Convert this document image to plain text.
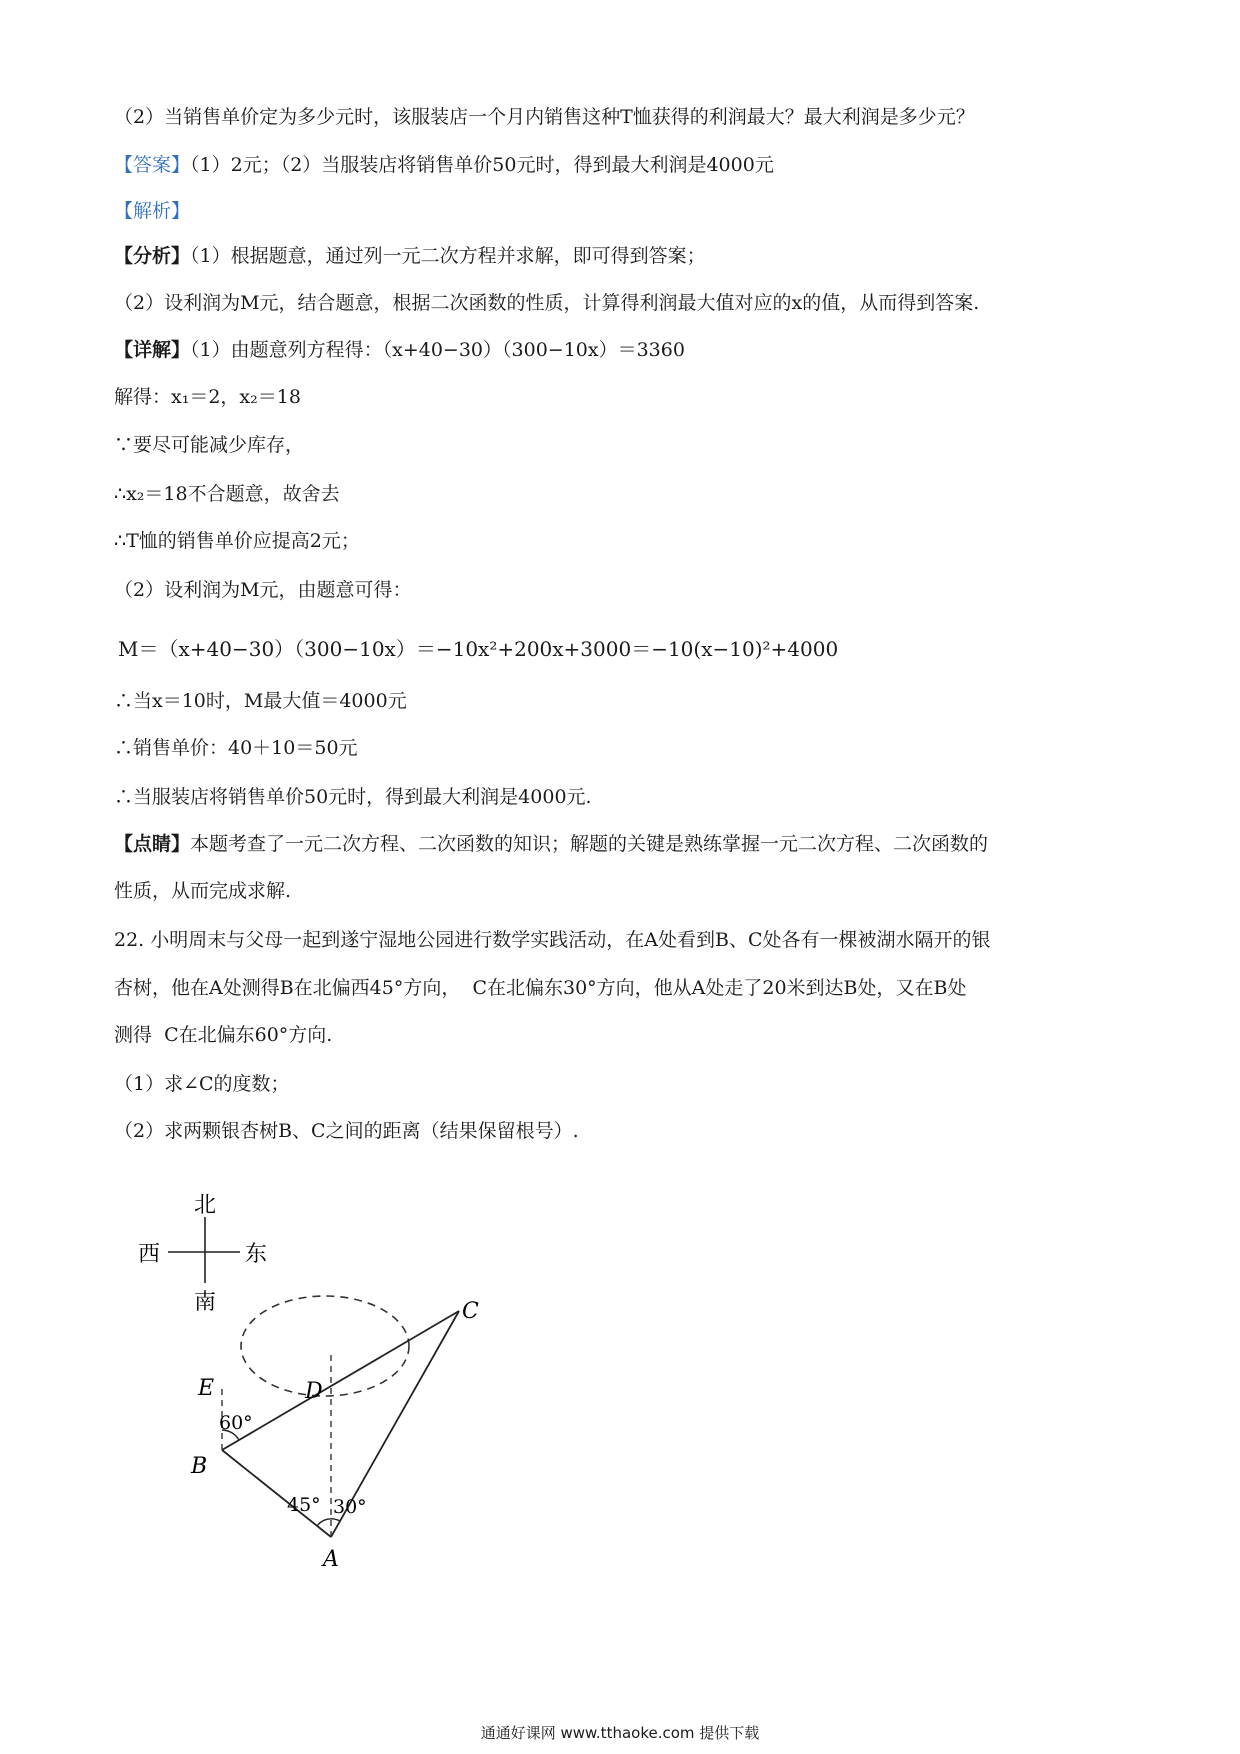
（2）当销售单价定为多少元时，该服装店一个月内销售这种T恤获得的利润最大？最大利润是多少元？
【答案】（1）2元；（2）当服装店将销售单价50元时，得到最大利润是4000元
【解析】
【分析】（1）根据题意，通过列一元二次方程并求解，即可得到答案；
（2）设利润为M元，结合题意，根据二次函数的性质，计算得利润最大值对应的x的值，从而得到答案.
【详解】（1）由题意列方程得：（x+40−30）（300−10x）＝3360
解得：x₁＝2，x₂＝18
∵要尽可能减少库存，
∴x₂＝18不合题意，故舍去
∴T恤的销售单价应提高2元；
（2）设利润为M元，由题意可得：
M＝（x+40−30）（300−10x）＝−10x²+200x+3000＝−10(x−10)²+4000
∴当x＝10时，M最大值＝4000元
∴销售单价：40＋10＝50元
∴当服装店将销售单价50元时，得到最大利润是4000元.
【点睛】本题考查了一元二次方程、二次函数的知识；解题的关键是熟练掌握一元二次方程、二次函数的
性质，从而完成求解.
22. 小明周末与父母一起到遂宁湿地公园进行数学实践活动，在A处看到B、C处各有一棵被湖水隔开的银
杏树，他在A处测得B在北偏西45°方向，  C在北偏东30°方向，他从A处走了20米到达B处，又在B处
测得  C在北偏东60°方向.
（1）求∠C的度数；
（2）求两颗银杏树B、C之间的距离（结果保留根号）.
北
南
西	东
E	D
C
B
A
60°
45° 30°
通通好课网 www.tthaoke.com 提供下载
